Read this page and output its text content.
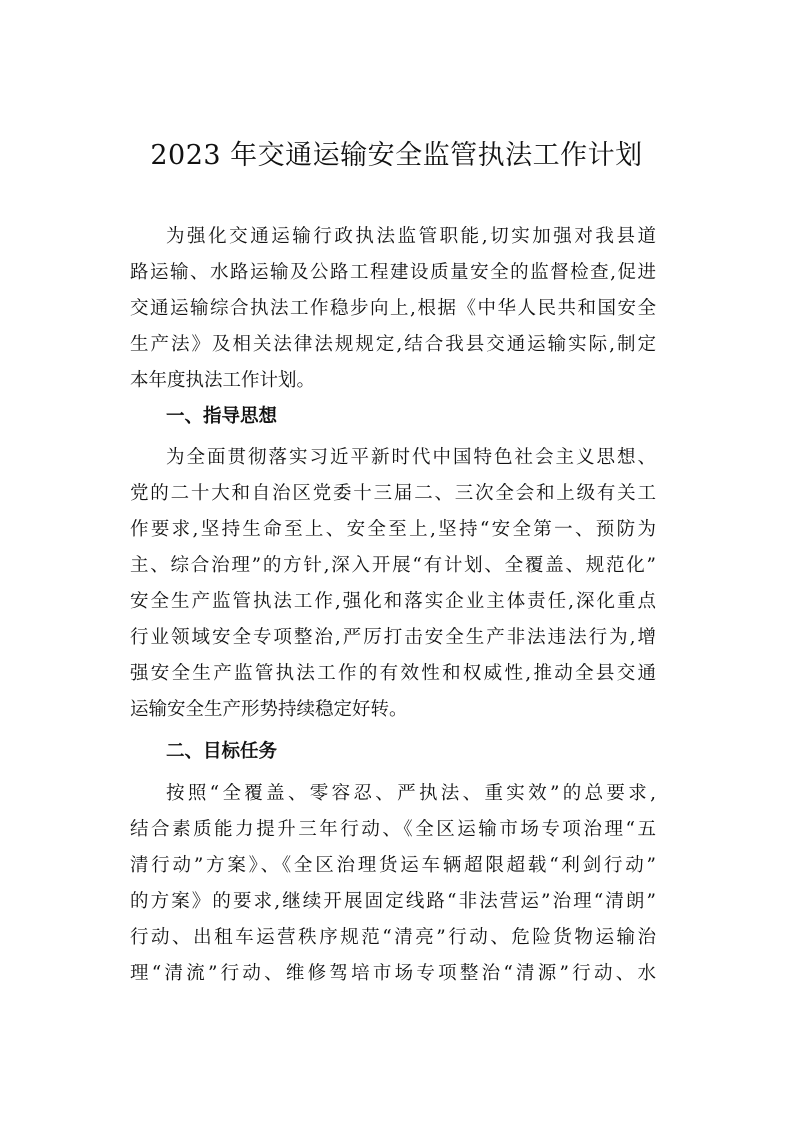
2023 年交通运输安全监管执法工作计划
为强化交通运输行政执法监管职能,切实加强对我县道
路运输、水路运输及公路工程建设质量安全的监督检查,促进
交通运输综合执法工作稳步向上,根据《中华人民共和国安全
生产法》及相关法律法规规定,结合我县交通运输实际,制定
本年度执法工作计划。
一、指导思想
为全面贯彻落实习近平新时代中国特色社会主义思想、
党的二十大和自治区党委十三届二、三次全会和上级有关工
作要求,坚持生命至上、安全至上,坚持“安全第一、预防为
主、综合治理”的方针,深入开展“有计划、全覆盖、规范化”
安全生产监管执法工作,强化和落实企业主体责任,深化重点
行业领域安全专项整治,严厉打击安全生产非法违法行为,增
强安全生产监管执法工作的有效性和权威性,推动全县交通
运输安全生产形势持续稳定好转。
二、目标任务
按照“全覆盖、零容忍、严执法、重实效”的总要求,
结合素质能力提升三年行动、《全区运输市场专项治理“五
清行动”方案》、《全区治理货运车辆超限超载“利剑行动”
的方案》的要求,继续开展固定线路“非法营运”治理“清朗”
行动、出租车运营秩序规范“清亮”行动、危险货物运输治
理“清流”行动、维修驾培市场专项整治“清源”行动、水
